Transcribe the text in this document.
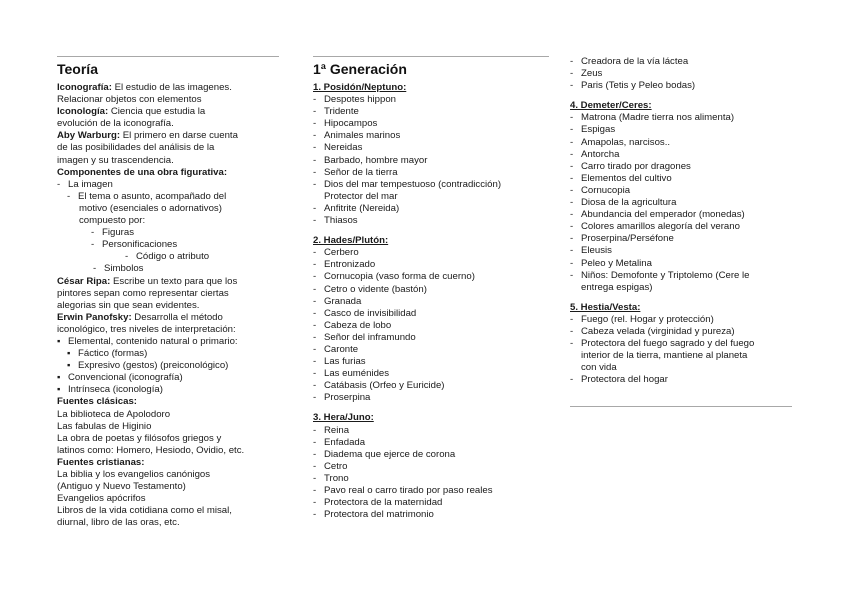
Teoría
Iconografía: El estudio de las imagenes.
Relacionar objetos con elementos
Iconología: Ciencia que estudia la
evolución de la iconografía.
Aby Warburg: El primero en darse cuenta
de las posibilidades del análisis de la
imagen y su trascendencia.
Componentes de una obra figurativa:
- La imagen
- El tema o asunto, acompañado del
motivo (esenciales o adornativos)
compuesto por:
- Figuras
- Personificaciones
- Código o atributo
- Simbolos
César Ripa: Escribe un texto para que los
pintores sepan como representar ciertas
alegorias sin que sean evidentes.
Erwin Panofsky: Desarrolla el método
iconológico, tres niveles de interpretación:
▪ Elemental, contenido natural o primario:
▪ Fáctico (formas)
▪ Expresivo (gestos) (preiconológico)
▪ Convencional (iconografía)
▪ Intrínseca (iconología)
Fuentes clásicas:
La biblioteca de Apolodoro
Las fabulas de Higinio
La obra de poetas y filósofos griegos y
latinos como: Homero, Hesiodo, Ovidio, etc.
Fuentes cristianas:
La biblia y los evangelios canónigos
(Antiguo y Nuevo Testamento)
Evangelios apócrifos
Libros de la vida cotidiana como el misal,
diurnal, libro de las oras, etc.
1ª Generación
1. Posidón/Neptuno:
- Despotes hippon
- Tridente
- Hipocampos
- Animales marinos
- Nereidas
- Barbado, hombre mayor
- Señor de la tierra
- Dios del mar tempestuoso (contradicción)
Protector del mar
- Anfitrite (Nereida)
- Thiasos
2. Hades/Plutón:
- Cerbero
- Entronizado
- Cornucopia (vaso forma de cuerno)
- Cetro o vidente (bastón)
- Granada
- Casco de invisibilidad
- Cabeza de lobo
- Señor del inframundo
- Caronte
- Las furias
- Las euménides
- Catábasis (Orfeo y Euricide)
- Proserpina
3. Hera/Juno:
- Reina
- Enfadada
- Diadema que ejerce de corona
- Cetro
- Trono
- Pavo real o carro tirado por paso reales
- Protectora de la maternidad
- Protectora del matrimonio
- Creadora de la vía láctea
- Zeus
- Paris (Tetis y Peleo bodas)
4. Demeter/Ceres:
- Matrona (Madre tierra nos alimenta)
- Espigas
- Amapolas, narcisos..
- Antorcha
- Carro tirado por dragones
- Elementos del cultivo
- Cornucopia
- Diosa de la agricultura
- Abundancia del emperador (monedas)
- Colores amarillos alegoría del verano
- Proserpina/Perséfone
- Eleusis
- Peleo y Metalina
- Niños: Demofonte y Triptolemo (Cere le
entrega espigas)
5. Hestia/Vesta:
- Fuego (rel. Hogar y protección)
- Cabeza velada (virginidad y pureza)
- Protectora del fuego sagrado y del fuego
interior de la tierra, mantiene al planeta
con vida
- Protectora del hogar
